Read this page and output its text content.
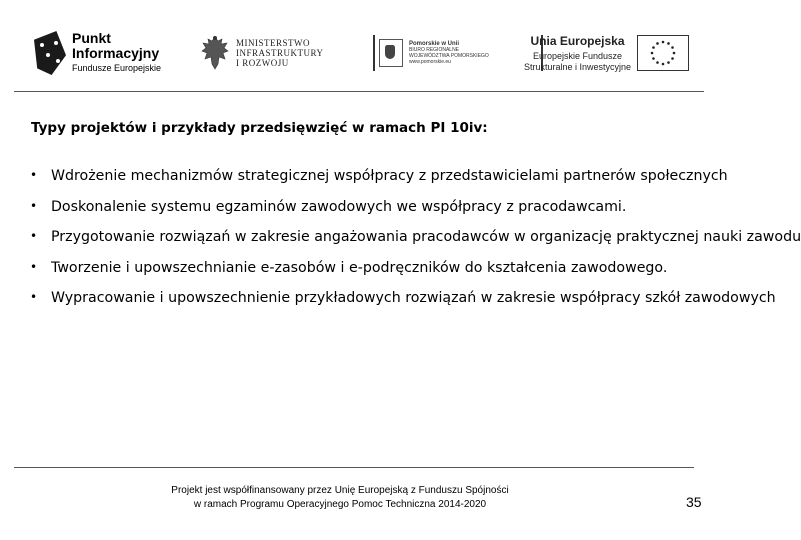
Punkt
Informacyjny
Fundusze Europejskie
MINISTERSTWO
INFRASTRUKTURY
I ROZWOJU
Pomorskie w Unii
BIURO REGIONALNE
WOJEWÓDZTWA POMORSKIEGO
www.pomorskie.eu
Unia Europejska
Europejskie Fundusze
Strukturalne i Inwestycyjne
Typy projektów i przykłady przedsięwzięć w ramach PI 10iv:
• Wdrożenie mechanizmów strategicznej współpracy z przedstawicielami partnerów społecznych
• Doskonalenie systemu egzaminów zawodowych we współpracy z pracodawcami.
• Przygotowanie rozwiązań w zakresie angażowania pracodawców w organizację praktycznej nauki zawodu
• Tworzenie i upowszechnianie e-zasobów i e-podręczników do kształcenia zawodowego.
• Wypracowanie i upowszechnienie przykładowych rozwiązań w zakresie współpracy szkół zawodowych
Projekt jest współfinansowany przez Unię Europejską z Funduszu Spójności
w ramach Programu Operacyjnego Pomoc Techniczna 2014-2020	35
